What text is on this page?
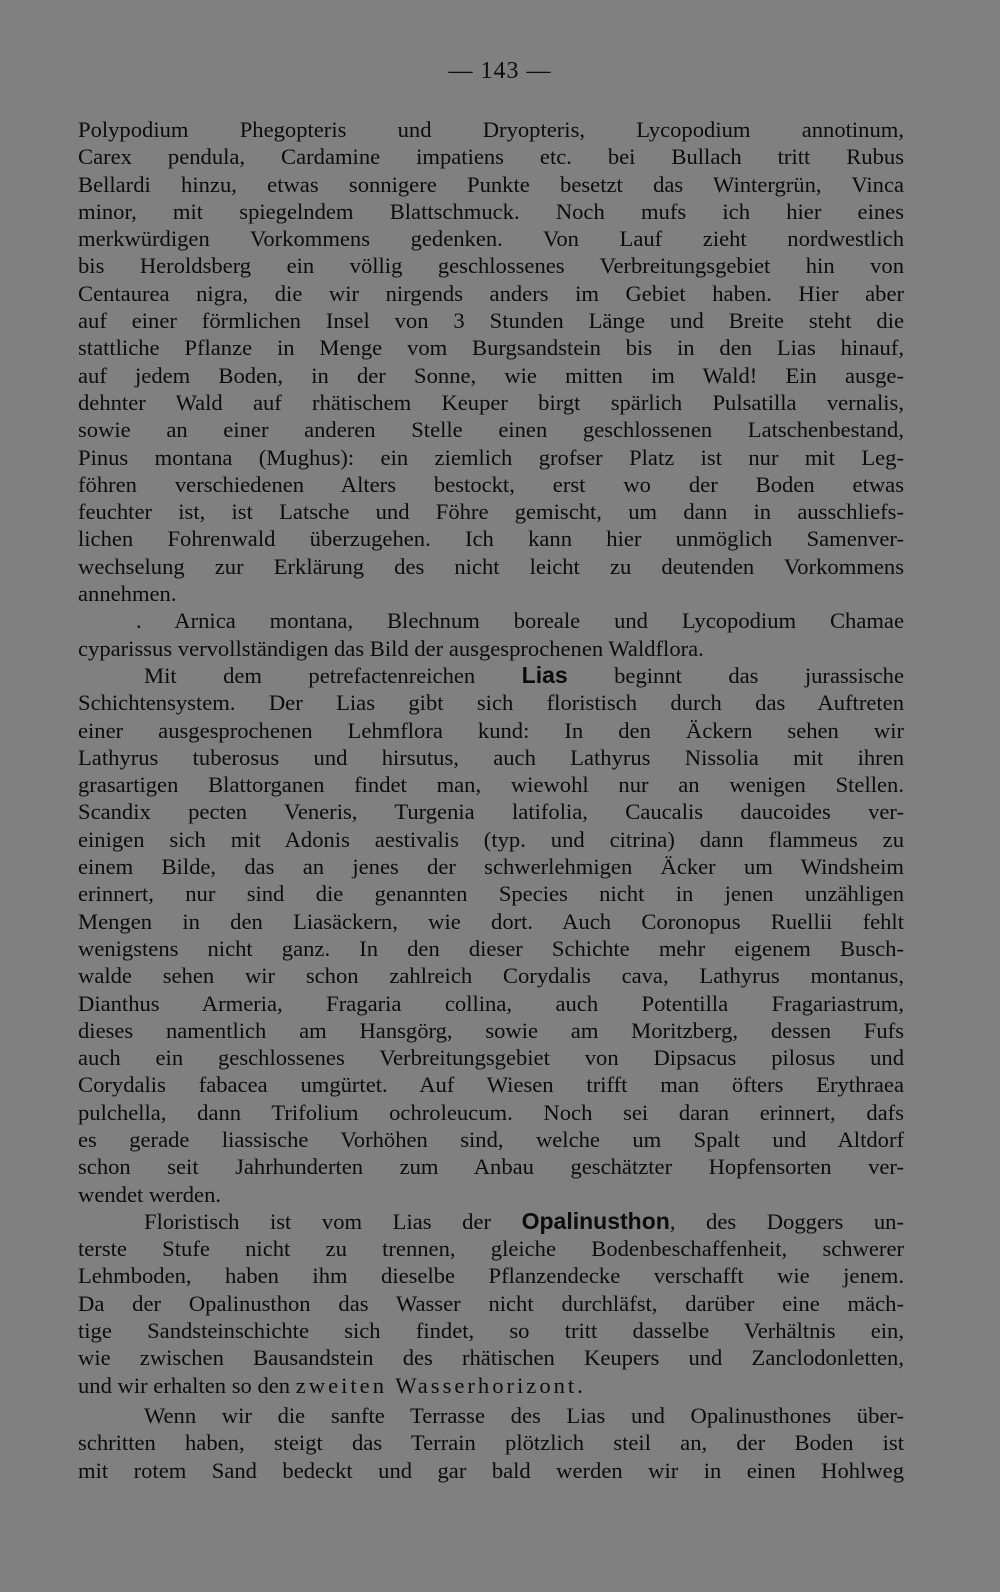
— 143 —
Polypodium Phegopteris und Dryopteris, Lycopodium annotinum,
Carex pendula, Cardamine impatiens etc. bei Bullach tritt Rubus
Bellardi hinzu, etwas sonnigere Punkte besetzt das Wintergrün, Vinca
minor, mit spiegelndem Blattschmuck. Noch mufs ich hier eines
merkwürdigen Vorkommens gedenken. Von Lauf zieht nordwestlich
bis Heroldsberg ein völlig geschlossenes Verbreitungsgebiet hin von
Centaurea nigra, die wir nirgends anders im Gebiet haben. Hier aber
auf einer förmlichen Insel von 3 Stunden Länge und Breite steht die
stattliche Pflanze in Menge vom Burgsandstein bis in den Lias hinauf,
auf jedem Boden, in der Sonne, wie mitten im Wald! Ein ausge-
dehnter Wald auf rhätischem Keuper birgt spärlich Pulsatilla vernalis,
sowie an einer anderen Stelle einen geschlossenen Latschenbestand,
Pinus montana (Mughus): ein ziemlich grofser Platz ist nur mit Leg-
föhren verschiedenen Alters bestockt, erst wo der Boden etwas
feuchter ist, ist Latsche und Föhre gemischt, um dann in ausschliefs-
lichen Fohrenwald überzugehen. Ich kann hier unmöglich Samenver-
wechselung zur Erklärung des nicht leicht zu deutenden Vorkommens
annehmen.
. Arnica montana, Blechnum boreale und Lycopodium Chamae
cyparissus vervollständigen das Bild der ausgesprochenen Waldflora.
Mit dem petrefactenreichen Lias beginnt das jurassische
Schichtensystem. Der Lias gibt sich floristisch durch das Auftreten
einer ausgesprochenen Lehmflora kund: In den Äckern sehen wir
Lathyrus tuberosus und hirsutus, auch Lathyrus Nissolia mit ihren
grasartigen Blattorganen findet man, wiewohl nur an wenigen Stellen.
Scandix pecten Veneris, Turgenia latifolia, Caucalis daucoides ver-
einigen sich mit Adonis aestivalis (typ. und citrina) dann flammeus zu
einem Bilde, das an jenes der schwerlehmigen Äcker um Windsheim
erinnert, nur sind die genannten Species nicht in jenen unzähligen
Mengen in den Liasäckern, wie dort. Auch Coronopus Ruellii fehlt
wenigstens nicht ganz. In den dieser Schichte mehr eigenem Busch-
walde sehen wir schon zahlreich Corydalis cava, Lathyrus montanus,
Dianthus Armeria, Fragaria collina, auch Potentilla Fragariastrum,
dieses namentlich am Hansgörg, sowie am Moritzberg, dessen Fufs
auch ein geschlossenes Verbreitungsgebiet von Dipsacus pilosus und
Corydalis fabacea umgürtet. Auf Wiesen trifft man öfters Erythraea
pulchella, dann Trifolium ochroleucum. Noch sei daran erinnert, dafs
es gerade liassische Vorhöhen sind, welche um Spalt und Altdorf
schon seit Jahrhunderten zum Anbau geschätzter Hopfensorten ver-
wendet werden.
Floristisch ist vom Lias der Opalinusthon, des Doggers un-
terste Stufe nicht zu trennen, gleiche Bodenbeschaffenheit, schwerer
Lehmboden, haben ihm dieselbe Pflanzendecke verschafft wie jenem.
Da der Opalinusthon das Wasser nicht durchläfst, darüber eine mäch-
tige Sandsteinschichte sich findet, so tritt dasselbe Verhältnis ein,
wie zwischen Bausandstein des rhätischen Keupers und Zanclodonletten,
und wir erhalten so den zweiten Wasserhorizont.
Wenn wir die sanfte Terrasse des Lias und Opalinusthones über-
schritten haben, steigt das Terrain plötzlich steil an, der Boden ist
mit rotem Sand bedeckt und gar bald werden wir in einen Hohlweg
